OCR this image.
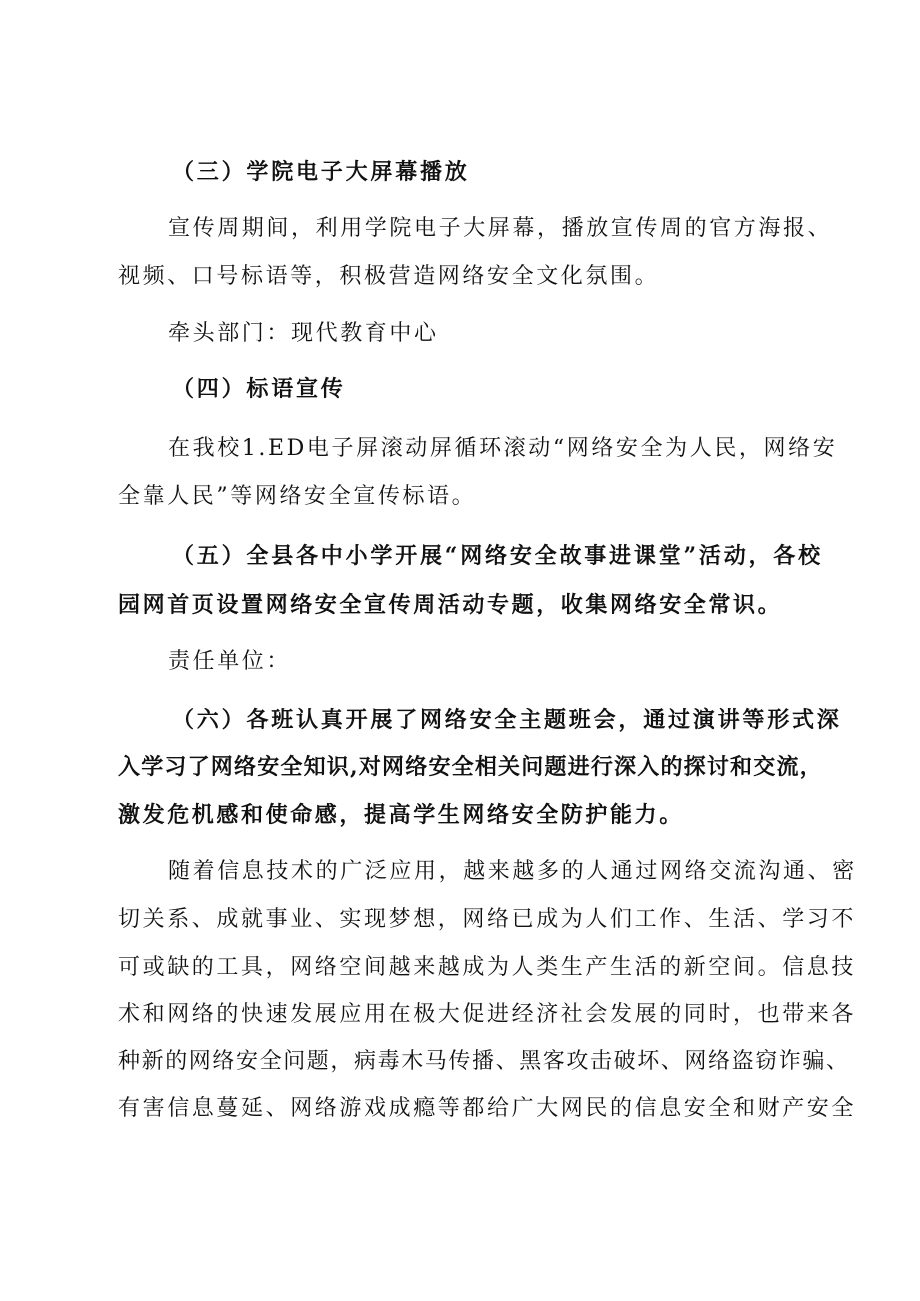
（三）学院电子大屏幕播放
宣传周期间，利用学院电子大屏幕，播放宣传周的官方海报、
视频、口号标语等，积极营造网络安全文化氛围。
牵头部门：现代教育中心
（四）标语宣传
在我校1.ED电子屏滚动屏循环滚动“网络安全为人民，网络安
全靠人民”等网络安全宣传标语。
（五）全县各中小学开展“网络安全故事进课堂”活动，各校
园网首页设置网络安全宣传周活动专题，收集网络安全常识。
责任单位：
（六）各班认真开展了网络安全主题班会，通过演讲等形式深
入学习了网络安全知识,对网络安全相关问题进行深入的探讨和交流，
激发危机感和使命感，提高学生网络安全防护能力。
随着信息技术的广泛应用，越来越多的人通过网络交流沟通、密
切关系、成就事业、实现梦想，网络已成为人们工作、生活、学习不
可或缺的工具，网络空间越来越成为人类生产生活的新空间。信息技
术和网络的快速发展应用在极大促进经济社会发展的同时，也带来各
种新的网络安全问题，病毒木马传播、黑客攻击破坏、网络盗窃诈骗、
有害信息蔓延、网络游戏成瘾等都给广大网民的信息安全和财产安全
